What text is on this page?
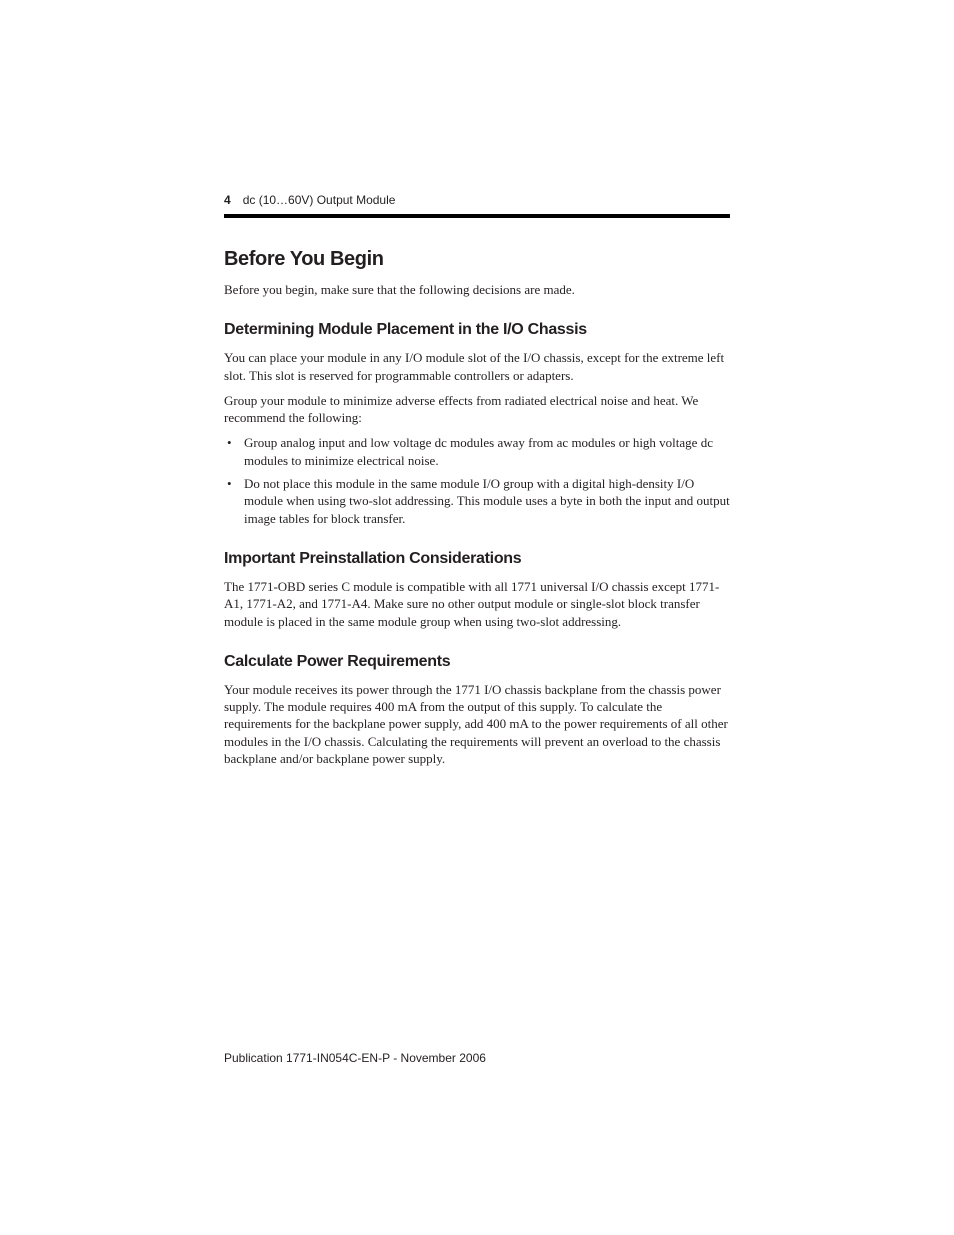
4 dc (10…60V) Output Module
Before You Begin

Before you begin, make sure that the following decisions are made.

Determining Module Placement in the I/O Chassis

You can place your module in any I/O module slot of the I/O chassis, except for the extreme left slot. This slot is reserved for programmable controllers or adapters.

Group your module to minimize adverse effects from radiated electrical noise and heat. We recommend the following:

• Group analog input and low voltage dc modules away from ac modules or high voltage dc modules to minimize electrical noise.
• Do not place this module in the same module I/O group with a digital high-density I/O module when using two-slot addressing. This module uses a byte in both the input and output image tables for block transfer.
Important Preinstallation Considerations

The 1771-OBD series C module is compatible with all 1771 universal I/O chassis except 1771-A1, 1771-A2, and 1771-A4. Make sure no other output module or single-slot block transfer module is placed in the same module group when using two-slot addressing.

Calculate Power Requirements

Your module receives its power through the 1771 I/O chassis backplane from the chassis power supply. The module requires 400 mA from the output of this supply. To calculate the requirements for the backplane power supply, add 400 mA to the power requirements of all other modules in the I/O chassis. Calculating the requirements will prevent an overload to the chassis backplane and/or backplane power supply.

Publication 1771-IN054C-EN-P - November 2006
